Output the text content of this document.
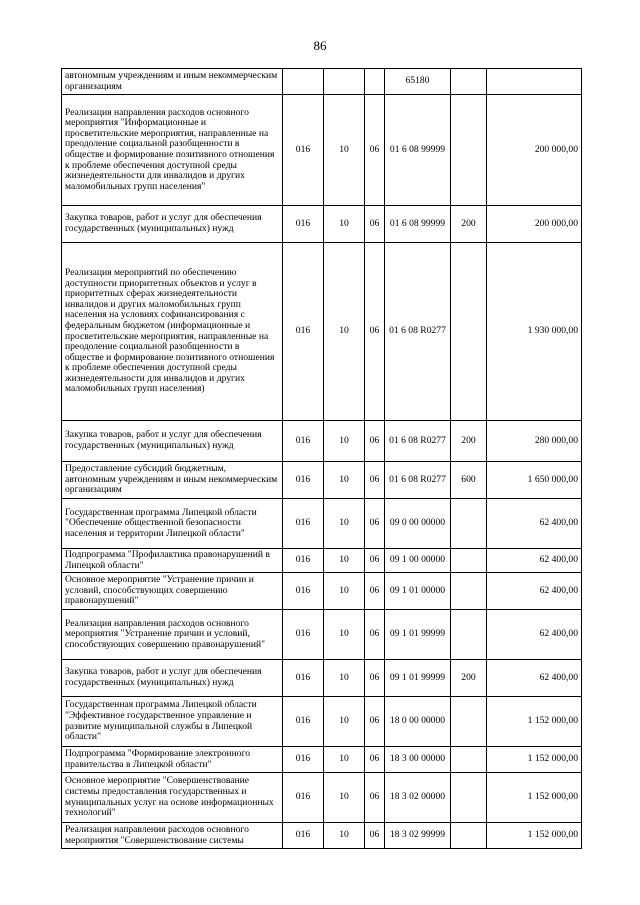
86
автономным учреждениям и иным некоммерческим организациям				65180		
Реализация направления расходов основного мероприятия "Информационные и просветительские мероприятия, направленные на преодоление социальной разобщенности в обществе и формирование позитивного отношения к проблеме обеспечения доступной среды жизнедеятельности для инвалидов и других маломобильных групп населения"	016	10	06	01 6 08 99999		200 000,00
Закупка товаров, работ и услуг для обеспечения государственных (муниципальных) нужд	016	10	06	01 6 08 99999	200	200 000,00
Реализация мероприятий по обеспечению доступности приоритетных объектов и услуг в приоритетных сферах жизнедеятельности инвалидов и других маломобильных групп населения на условиях софинансирования с федеральным бюджетом (информационные и просветительские мероприятия, направленные на преодоление социальной разобщенности в обществе и формирование позитивного отношения к проблеме обеспечения доступной среды жизнедеятельности для инвалидов и других маломобильных групп населения)	016	10	06	01 6 08 R0277		1 930 000,00
Закупка товаров, работ и услуг для обеспечения государственных (муниципальных) нужд	016	10	06	01 6 08 R0277	200	280 000,00
Предоставление субсидий бюджетным, автономным учреждениям и иным некоммерческим организациям	016	10	06	01 6 08 R0277	600	1 650 000,00
Государственная программа Липецкой области "Обеспечение общественной безопасности населения и территории Липецкой области"	016	10	06	09 0 00 00000		62 400,00
Подпрограмма "Профилактика правонарушений в Липецкой области"	016	10	06	09 1 00 00000		62 400,00
Основное мероприятие "Устранение причин и условий, способствующих совершению правонарушений"	016	10	06	09 1 01 00000		62 400,00
Реализация направления расходов основного мероприятия "Устранение причин и условий, способствующих совершению правонарушений"	016	10	06	09 1 01 99999		62 400,00
Закупка товаров, работ и услуг для обеспечения государственных (муниципальных) нужд	016	10	06	09 1 01 99999	200	62 400,00
Государственная программа Липецкой области "Эффективное государственное управление и развитие муниципальной службы в Липецкой области"	016	10	06	18 0 00 00000		1 152 000,00
Подпрограмма "Формирование электронного правительства в Липецкой области"	016	10	06	18 3 00 00000		1 152 000,00
Основное мероприятие "Совершенствование системы предоставления государственных и муниципальных услуг на основе информационных технологий"	016	10	06	18 3 02 00000		1 152 000,00
Реализация направления расходов основного мероприятия "Совершенствование системы	016	10	06	18 3 02 99999		1 152 000,00
